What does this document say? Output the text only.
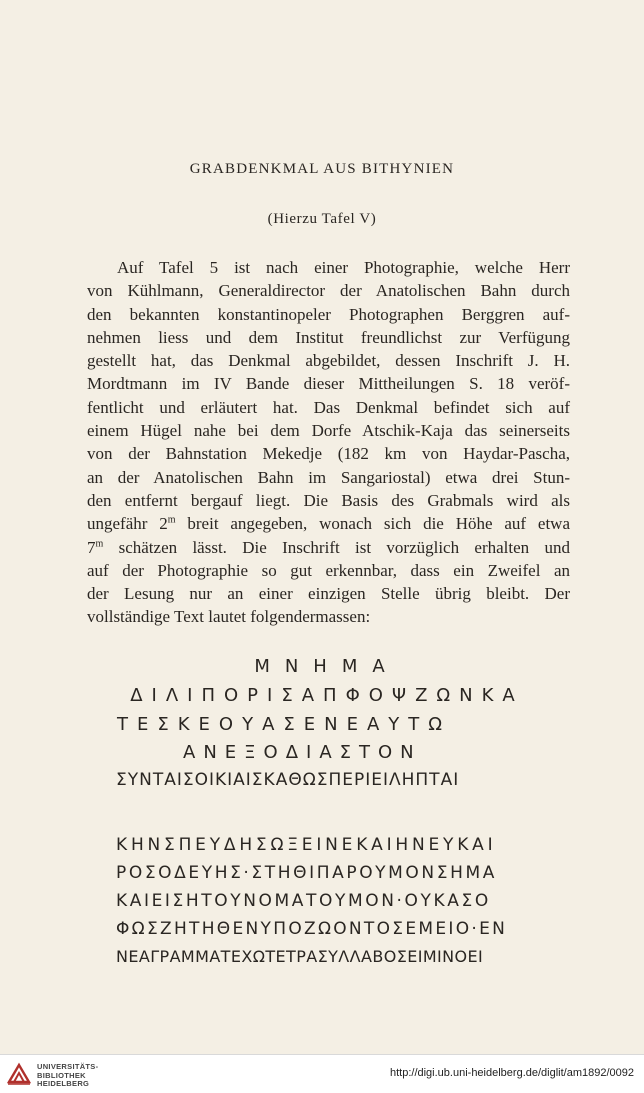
GRABDENKMAL AUS BITHYNIEN
(Hierzu Tafel V)
Auf Tafel 5 ist nach einer Photographie, welche Herr
von Kühlmann, Generaldirector der Anatolischen Bahn durch
den bekannten konstantinopeler Photographen Berggren auf-
nehmen liess und dem Institut freundlichst zur Verfügung
gestellt hat, das Denkmal abgebildet, dessen Inschrift J. H.
Mordtmann im IV Bande dieser Mittheilungen S. 18 veröf-
fentlicht und erläutert hat. Das Denkmal befindet sich auf
einem Hügel nahe bei dem Dorfe Atschik-Kaja das seinerseits
von der Bahnstation Mekedje (182 km von Haydar-Pascha,
an der Anatolischen Bahn im Sangariostal) etwa drei Stun-
den entfernt bergauf liegt. Die Basis des Grabmals wird als
ungefähr 2$^m$ breit angegeben, wonach sich die Höhe auf etwa
7$^m$ schätzen lässt. Die Inschrift ist vorzüglich erhalten und
auf der Photographie so gut erkennbar, dass ein Zweifel an
der Lesung nur an einer einzigen Stelle übrig bleibt. Der
vollständige Text lautet folgendermassen:
ΜΝΗΜΑ
ΔΙΛΙΠΟΡΙΣΑΠΦΟΨΖΩΝΚΑ
ΤΕΣΚΕΟΥΑΣΕΝΕΑΥΤΩ
ΑΝΕΞΟΔΙΑΣΤΟΝ
ΣΥΝΤΑΙΣΟΙΚΙΑΙΣΚΑΘΩΣΠΕΡΙΕΙΛΗΠΤΑΙ
ΚΗΝΣΠΕΥΔΗΣΩΞΕΙΝΕΚΑΙΗΝΕΥΚΑΙ
ΡΟΣΟΔΕΥΗΣ·ΣΤΗΘΙΠΑΡΟΥΜΟΝΣΗΜΑ
ΚΑΙΕΙΣΗΤΟΥΝΟΜΑΤΟΥΜΟΝ·ΟΥΚΑΣΟ
ΦΩΣΖΗΤΗΘΕΝΥΠΟΖΩΟΝΤΟΣΕΜΕΙΟ·ΕΝ
ΝΕΑΓΡΑΜΜΑΤΕΧΩΤΕΤΡΑΣΥΛΛΑΒΟΣΕΙΜΙΝΟΕΙ
UNIVERSITÄTS-
BIBLIOTHEK
HEIDELBERG
http://digi.ub.uni-heidelberg.de/diglit/am1892/0092
